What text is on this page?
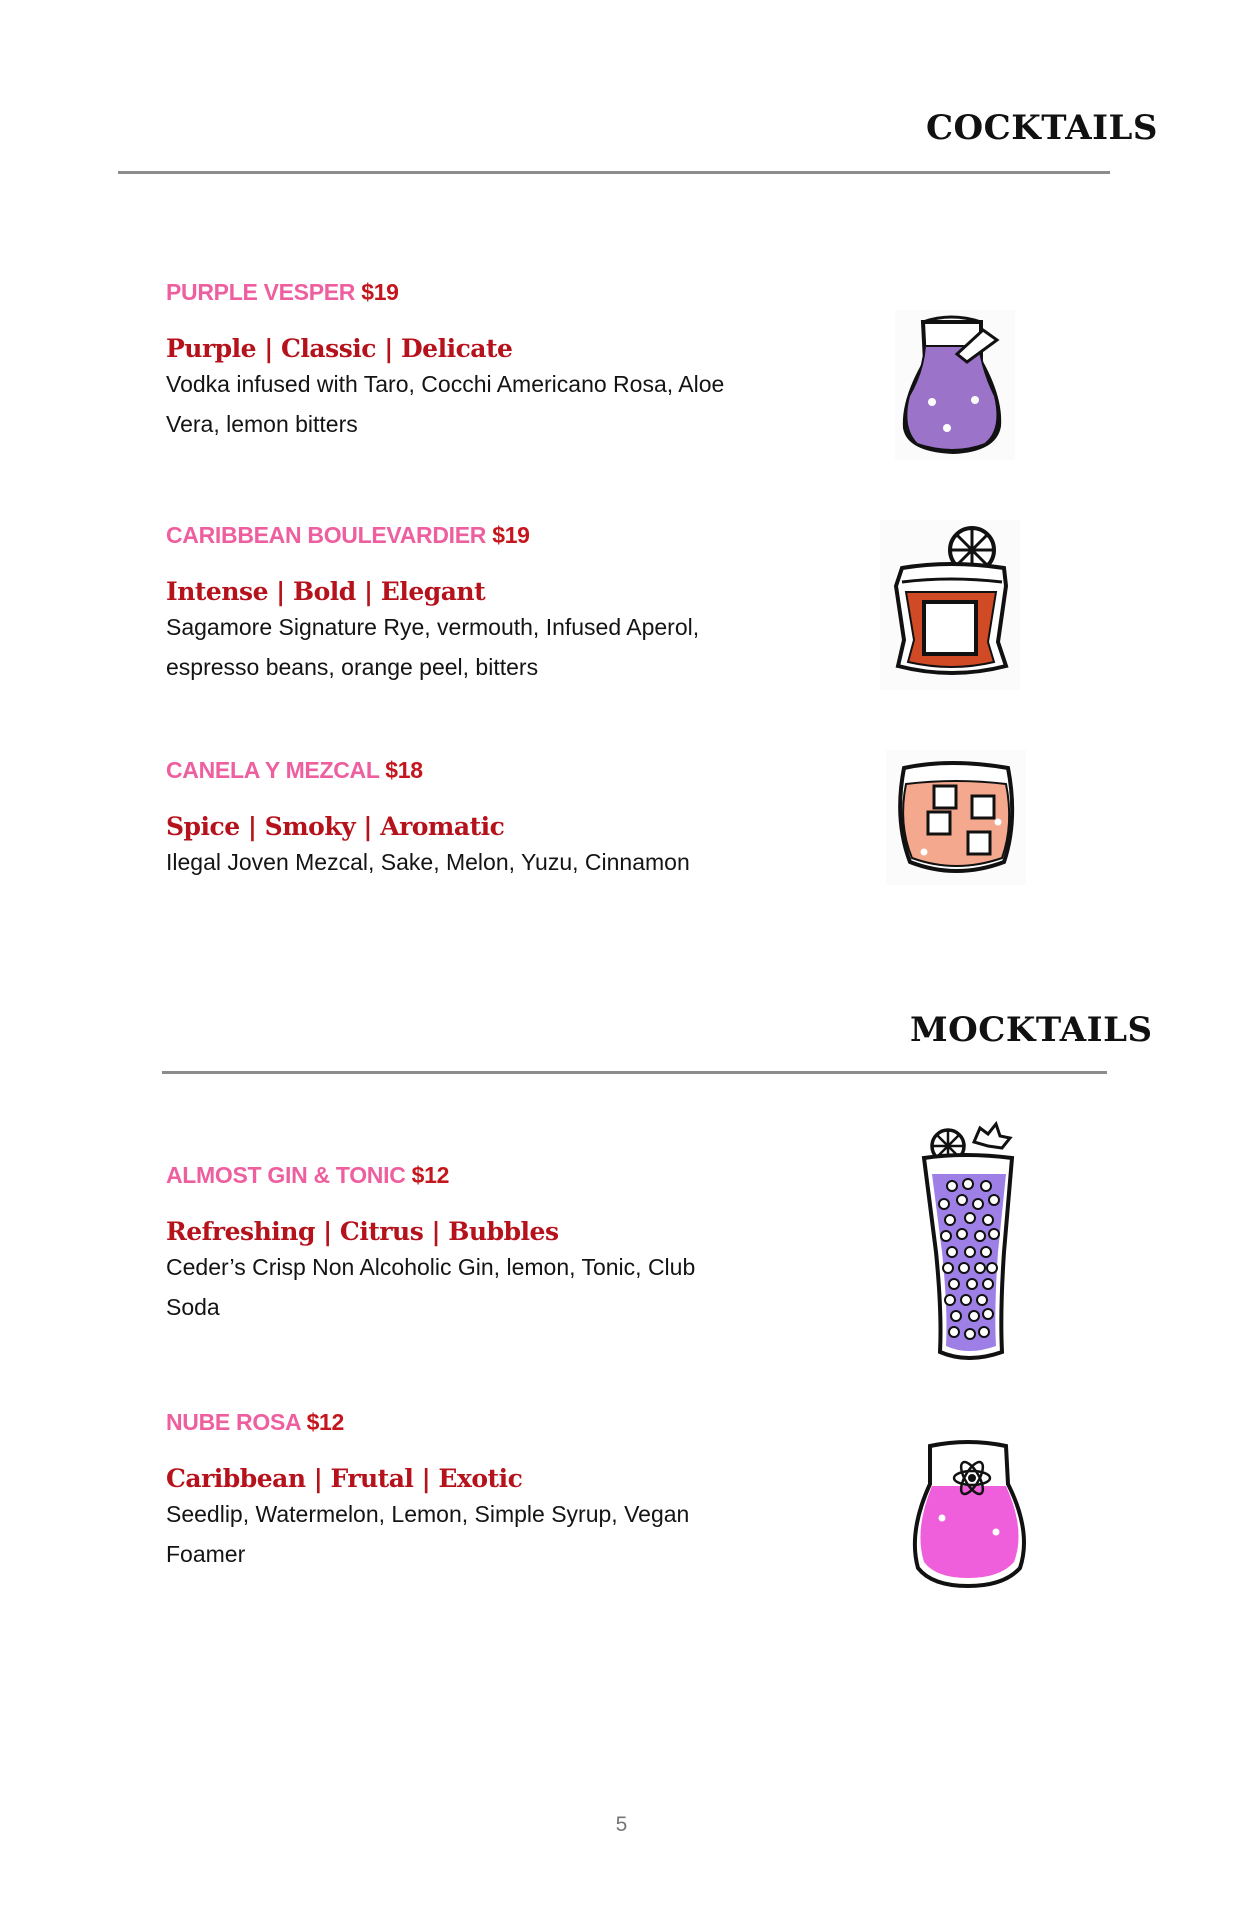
COCKTAILS
PURPLE VESPER $19
Purple | Classic | Delicate
Vodka infused with Taro, Cocchi Americano Rosa, Aloe Vera, lemon bitters
CARIBBEAN BOULEVARDIER $19
Intense | Bold | Elegant
Sagamore Signature Rye, vermouth, Infused Aperol, espresso beans, orange peel, bitters
CANELA Y MEZCAL $18
Spice | Smoky | Aromatic
Ilegal Joven Mezcal, Sake, Melon, Yuzu, Cinnamon
MOCKTAILS
ALMOST GIN & TONIC $12
Refreshing | Citrus | Bubbles
Ceder’s Crisp Non Alcoholic Gin, lemon, Tonic, Club Soda
NUBE ROSA $12
Caribbean | Frutal | Exotic
Seedlip, Watermelon, Lemon, Simple Syrup, Vegan Foamer
5
